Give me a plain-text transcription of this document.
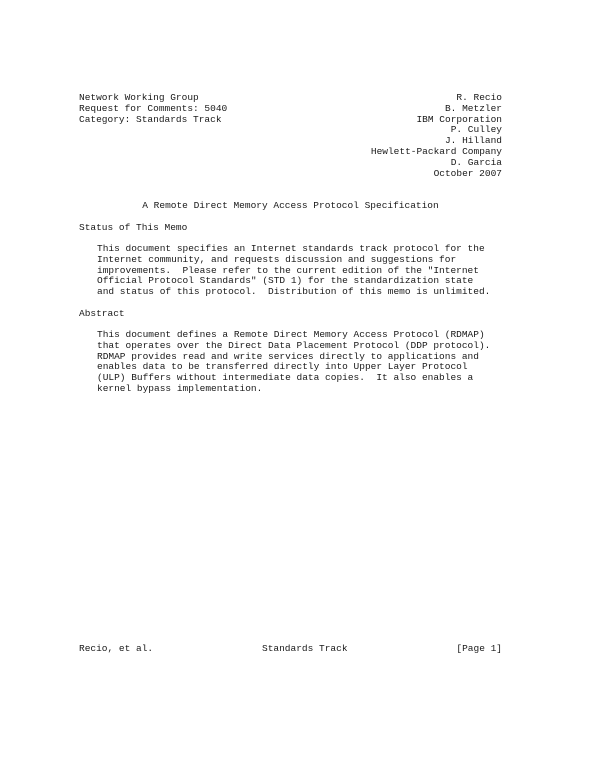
Network Working Group	R. Recio
Request for Comments: 5040	B. Metzler
Category: Standards Track	IBM Corporation
P. Culley
J. Hilland
Hewlett-Packard Company
D. Garcia
October 2007
A Remote Direct Memory Access Protocol Specification
Status of This Memo

This document specifies an Internet standards track protocol for the

Internet community, and requests discussion and suggestions for

improvements.  Please refer to the current edition of the "Internet

Official Protocol Standards" (STD 1) for the standardization state

and status of this protocol.  Distribution of this memo is unlimited.

Abstract

This document defines a Remote Direct Memory Access Protocol (RDMAP)

that operates over the Direct Data Placement Protocol (DDP protocol).

RDMAP provides read and write services directly to applications and

enables data to be transferred directly into Upper Layer Protocol

(ULP) Buffers without intermediate data copies.  It also enables a

kernel bypass implementation.

Recio, et al.	Standards Track	[Page 1]
